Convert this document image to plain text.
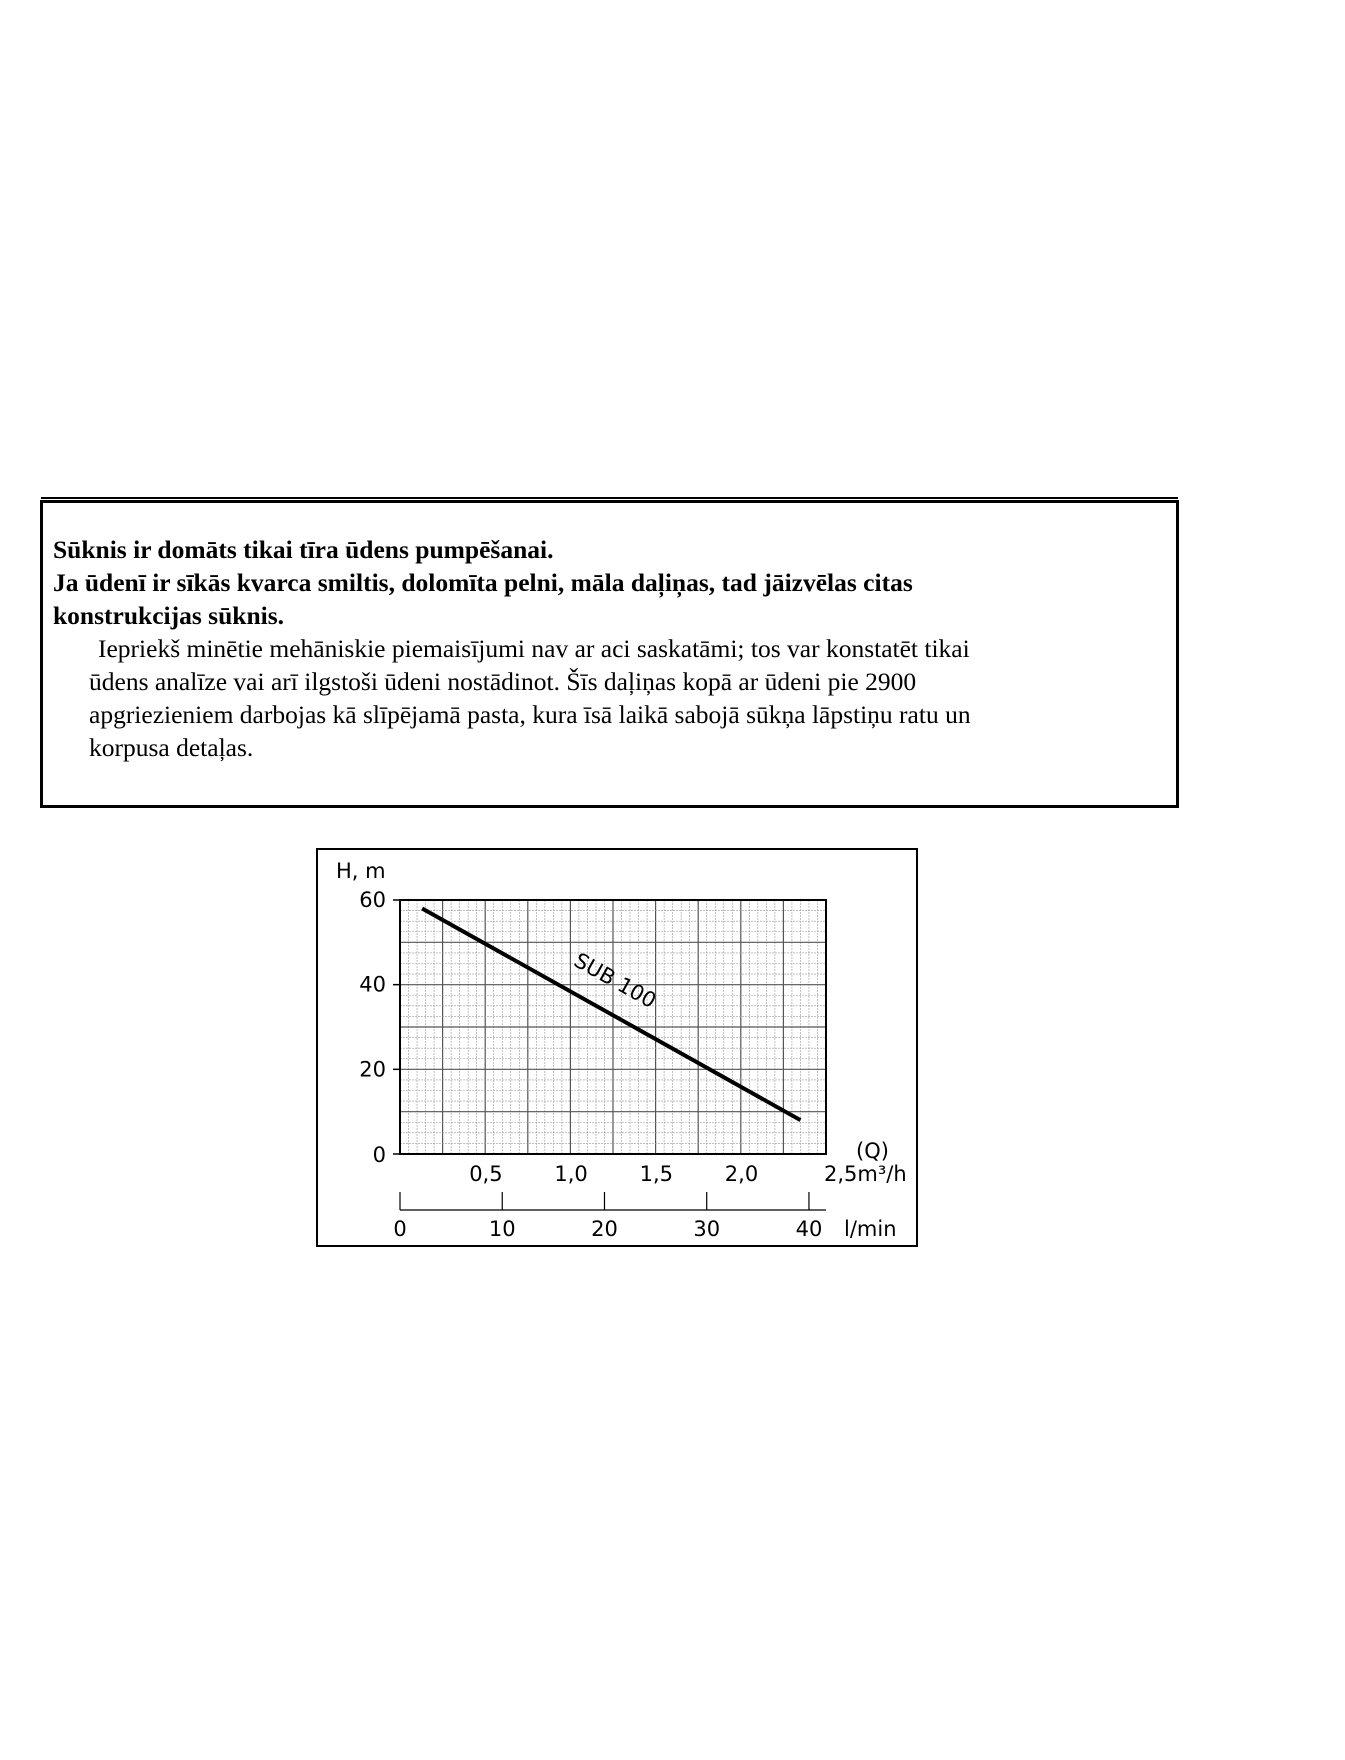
Sūknis ir domāts tikai tīra ūdens pumpēšanai.

Ja ūdenī ir sīkās kvarca smiltis, dolomīta pelni, māla daļiņas, tad jāizvēlas citas

konstrukcijas sūknis.

Iepriekš minētie mehāniskie piemaisījumi nav ar aci saskatāmi; tos var konstatēt tikai

ūdens analīze vai arī ilgstoši ūdeni nostādinot. Šīs daļiņas kopā ar ūdeni pie 2900

apgriezieniem darbojas kā slīpējamā pasta, kura īsā laikā sabojā sūkņa lāpstiņu ratu un

korpusa detaļas.

0
20
40
60
0,5 1,0 1,5 2,0	2,5m³/h
0	10	20	30	40
SUB 100
H, m
(Q)
l/min
